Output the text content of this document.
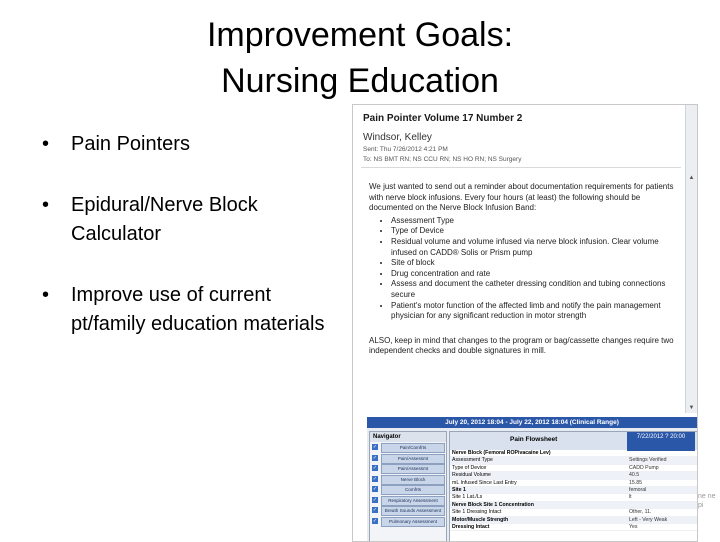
Improvement Goals:
Nursing Education
• Pain Pointers
• Epidural/Nerve Block Calculator
• Improve use of current pt/family education materials
Pain Pointer Volume 17 Number 2
Windsor, Kelley
Sent: Thu 7/26/2012 4:21 PM
To: NS BMT RN; NS CCU RN; NS HO RN; NS Surgery
We just wanted to send out a reminder about documentation requirements for patients with nerve block infusions. Every four hours (at least) the following should be documented on the Nerve Block Infusion Band:
• Assessment Type
• Type of Device
• Residual volume and volume infused via nerve block infusion. Clear volume infused on CADD® Solis or Prism pump
• Site of block
• Drug concentration and rate
• Assess and document the catheter dressing condition and tubing connections secure
• Patient's motor function of the affected limb and notify the pain management physician for any significant reduction in motor strength
ALSO, keep in mind that changes to the program or bag/cassette changes require two independent checks and double signatures in mill.
▲
▼
July 20, 2012 18:04 - July 22, 2012 18:04 (Clinical Range)
Navigator
✓	Pain/Comfrts
✓	Pain/Assessmt
✓	Pain/Assessmt
✓	Nerve Block
✓	Comfrts
✓	Respiratory Assessment
✓	Breath Sounds Assessment
✓	Pulmonary Assessment
Pain Flowsheet	7/22/2012 ? 20:00
Nerve Block (Femoral ROPivacaine Lev)
Assessment Type	Settings Verified
Type of Device	CADD Pump
Residual Volume	40.5
mL Infused Since Last Entry	15.85
Site 1	femoral
Site 1 Lat./Ls	lt
Nerve Block Site 1 Concentration
Site 1 Dressing Intact	Other, 11.
Motor/Muscle Strength	Left - Very Weak
Dressing Intact	Yes
ne ne pi
